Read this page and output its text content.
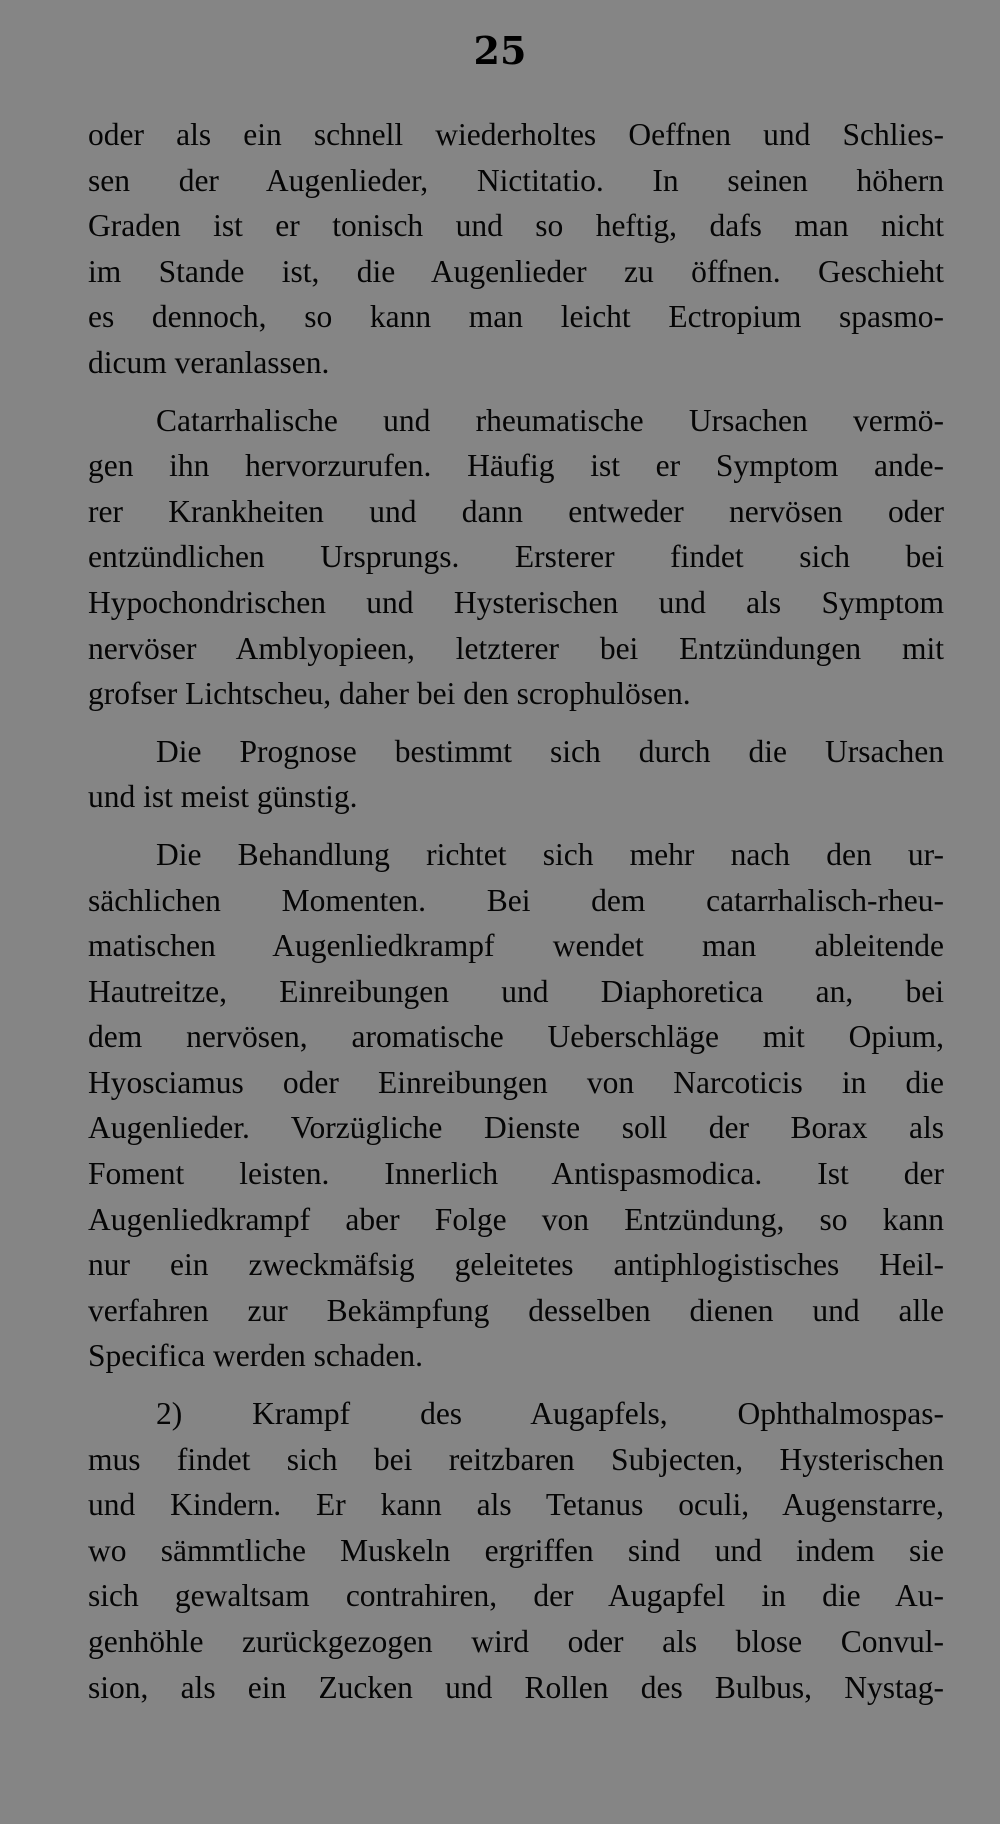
25
oder als ein schnell wiederholtes Oeffnen und Schlies-
sen der Augenlieder, Nictitatio. In seinen höhern
Graden ist er tonisch und so heftig, dafs man nicht
im Stande ist, die Augenlieder zu öffnen. Geschieht
es dennoch, so kann man leicht Ectropium spasmo-
dicum veranlassen.
Catarrhalische und rheumatische Ursachen vermö-
gen ihn hervorzurufen. Häufig ist er Symptom ande-
rer Krankheiten und dann entweder nervösen oder
entzündlichen Ursprungs. Ersterer findet sich bei
Hypochondrischen und Hysterischen und als Symptom
nervöser Amblyopieen, letzterer bei Entzündungen mit
grofser Lichtscheu, daher bei den scrophulösen.
Die Prognose bestimmt sich durch die Ursachen
und ist meist günstig.
Die Behandlung richtet sich mehr nach den ur-
sächlichen Momenten. Bei dem catarrhalisch-rheu-
matischen Augenliedkrampf wendet man ableitende
Hautreitze, Einreibungen und Diaphoretica an, bei
dem nervösen, aromatische Ueberschläge mit Opium,
Hyosciamus oder Einreibungen von Narcoticis in die
Augenlieder. Vorzügliche Dienste soll der Borax als
Foment leisten. Innerlich Antispasmodica. Ist der
Augenliedkrampf aber Folge von Entzündung, so kann
nur ein zweckmäfsig geleitetes antiphlogistisches Heil-
verfahren zur Bekämpfung desselben dienen und alle
Specifica werden schaden.
2) Krampf des Augapfels, Ophthalmospas-
mus findet sich bei reitzbaren Subjecten, Hysterischen
und Kindern. Er kann als Tetanus oculi, Augenstarre,
wo sämmtliche Muskeln ergriffen sind und indem sie
sich gewaltsam contrahiren, der Augapfel in die Au-
genhöhle zurückgezogen wird oder als blose Convul-
sion, als ein Zucken und Rollen des Bulbus, Nystag-
